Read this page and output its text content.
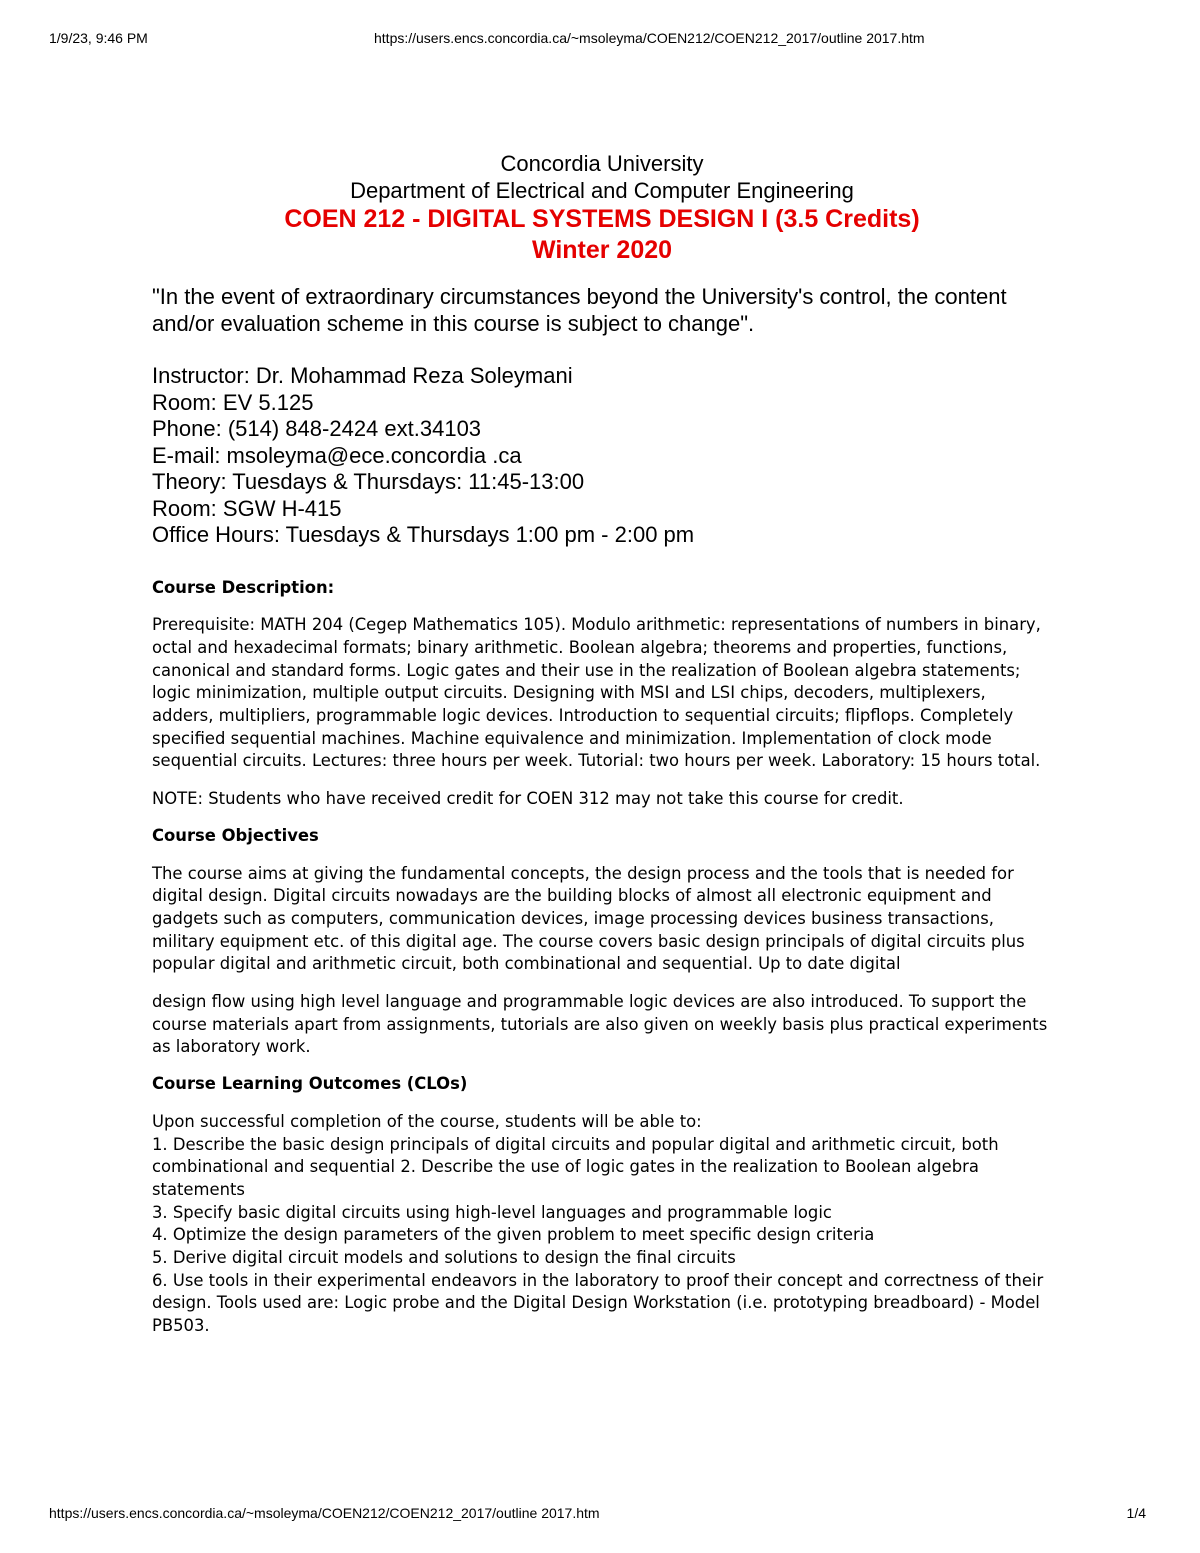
1/9/23, 9:46 PM	https://users.encs.concordia.ca/~msoleyma/COEN212/COEN212_2017/outline 2017.htm

Concordia University

Department of Electrical and Computer Engineering

COEN 212 - DIGITAL SYSTEMS DESIGN I (3.5 Credits)

Winter 2020

"In the event of extraordinary circumstances beyond the University's control, the content
and/or evaluation scheme in this course is subject to change".
Instructor: Dr. Mohammad Reza Soleymani
Room: EV 5.125
Phone: (514) 848-2424 ext.34103
E-mail: msoleyma@ece.concordia .ca
Theory: Tuesdays & Thursdays: 11:45-13:00
Room: SGW H-415
Office Hours: Tuesdays & Thursdays 1:00 pm - 2:00 pm

Course Description:

Prerequisite: MATH 204 (Cegep Mathematics 105). Modulo arithmetic: representations of numbers in binary, octal and hexadecimal formats; binary arithmetic. Boolean algebra; theorems and properties, functions, canonical and standard forms. Logic gates and their use in the realization of Boolean algebra statements; logic minimization, multiple output circuits. Designing with MSI and LSI chips, decoders, multiplexers, adders, multipliers, programmable logic devices. Introduction to sequential circuits; flipflops. Completely specified sequential machines. Machine equivalence and minimization. Implementation of clock mode sequential circuits. Lectures: three hours per week. Tutorial: two hours per week. Laboratory: 15 hours total.

NOTE: Students who have received credit for COEN 312 may not take this course for credit.

Course Objectives

The course aims at giving the fundamental concepts, the design process and the tools that is needed for digital design. Digital circuits nowadays are the building blocks of almost all electronic equipment and gadgets such as computers, communication devices, image processing devices business transactions, military equipment etc. of this digital age. The course covers basic design principals of digital circuits plus popular digital and arithmetic circuit, both combinational and sequential. Up to date digital

design flow using high level language and programmable logic devices are also introduced. To support the course materials apart from assignments, tutorials are also given on weekly basis plus practical experiments as laboratory work.

Course Learning Outcomes (CLOs)

Upon successful completion of the course, students will be able to:

1. Describe the basic design principals of digital circuits and popular digital and arithmetic circuit, both combinational and sequential 2. Describe the use of logic gates in the realization to Boolean algebra statements
3. Specify basic digital circuits using high-level languages and programmable logic
4. Optimize the design parameters of the given problem to meet specific design criteria
5. Derive digital circuit models and solutions to design the final circuits
6. Use tools in their experimental endeavors in the laboratory to proof their concept and correctness of their design. Tools used are: Logic probe and the Digital Design Workstation (i.e. prototyping breadboard) - Model PB503.
https://users.encs.concordia.ca/~msoleyma/COEN212/COEN212_2017/outline 2017.htm	1/4
